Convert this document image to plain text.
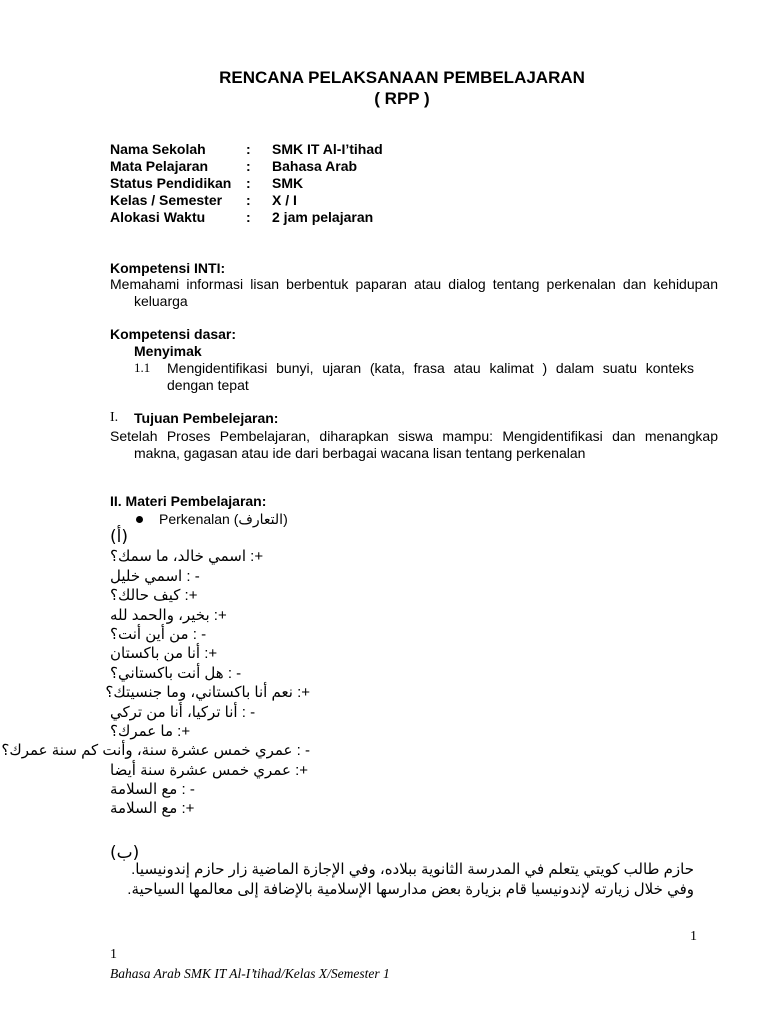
RENCANA PELAKSANAAN PEMBELAJARAN
( RPP )
Nama Sekolah	:	SMK IT Al-I’tihad
Mata Pelajaran	:	Bahasa Arab
Status Pendidikan	:	SMK
Kelas / Semester	:	X / I
Alokasi Waktu	:	2 jam pelajaran
Kompetensi INTI:
Memahami informasi lisan berbentuk paparan atau dialog tentang perkenalan dan kehidupan keluarga
Kompetensi dasar:
Menyimak
1.1	Mengidentifikasi bunyi, ujaran (kata, frasa atau kalimat ) dalam suatu konteks dengan tepat
I.	Tujuan Pembelejaran:
Setelah Proses Pembelajaran, diharapkan siswa mampu: Mengidentifikasi dan menangkap makna, gagasan atau ide dari berbagai wacana lisan tentang perkenalan
II. Materi Pembelajaran:
Perkenalan (التعارف)
(أ)
+: اسمي خالد، ما سمك؟
- : اسمي خليل
+: كيف حالك؟
+: بخير، والحمد لله
- : من أين أنت؟
+: أنا من باكستان
- : هل أنت باكستاني؟
+: نعم أنا باكستاني، وما جنسيتك؟
- : أنا تركيا، أنا من تركي
+: ما عمرك؟
- : عمري خمس عشرة سنة، وأنت كم سنة عمرك؟
+: عمري خمس عشرة سنة أيضا
- : مع السلامة
+: مع السلامة
(ب)
حازم طالب كويتي يتعلم في المدرسة الثانوية ببلاده، وفي الإجازة الماضية زار حازم إندونيسيا. وفي خلال زيارته لإندونيسيا قام بزيارة بعض مدارسها الإسلامية بالإضافة إلى معالمها السياحية.
1
1
Bahasa Arab SMK IT Al-I’tihad/Kelas X/Semester 1
